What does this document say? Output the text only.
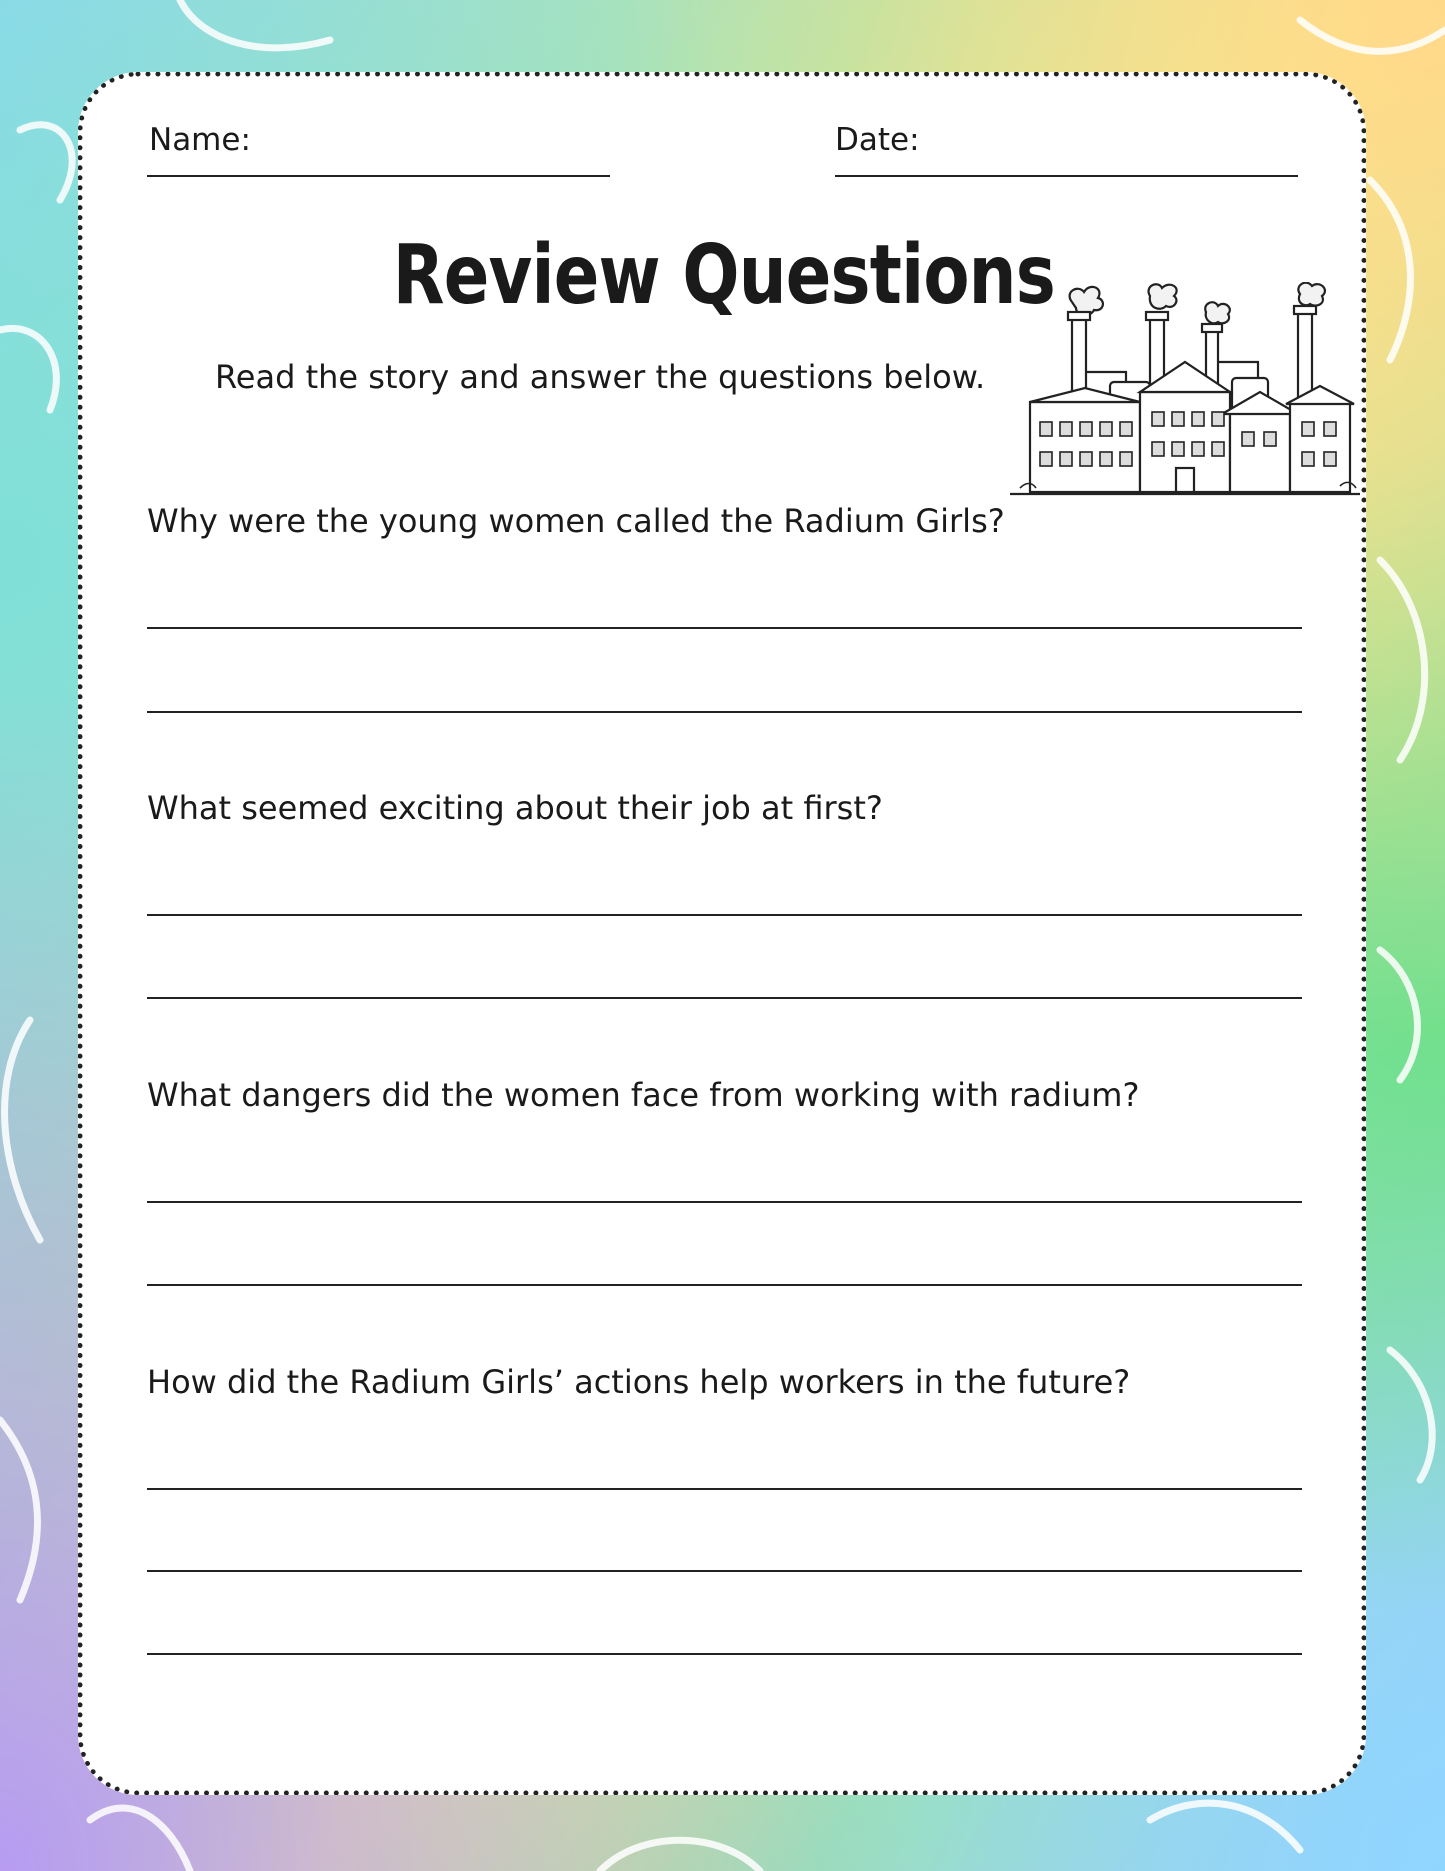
Name:	Date:
Review Questions
Read the story and answer the questions below.
Why were the young women called the Radium Girls?
What seemed exciting about their job at first?
What dangers did the women face from working with radium?
How did the Radium Girls’ actions help workers in the future?
